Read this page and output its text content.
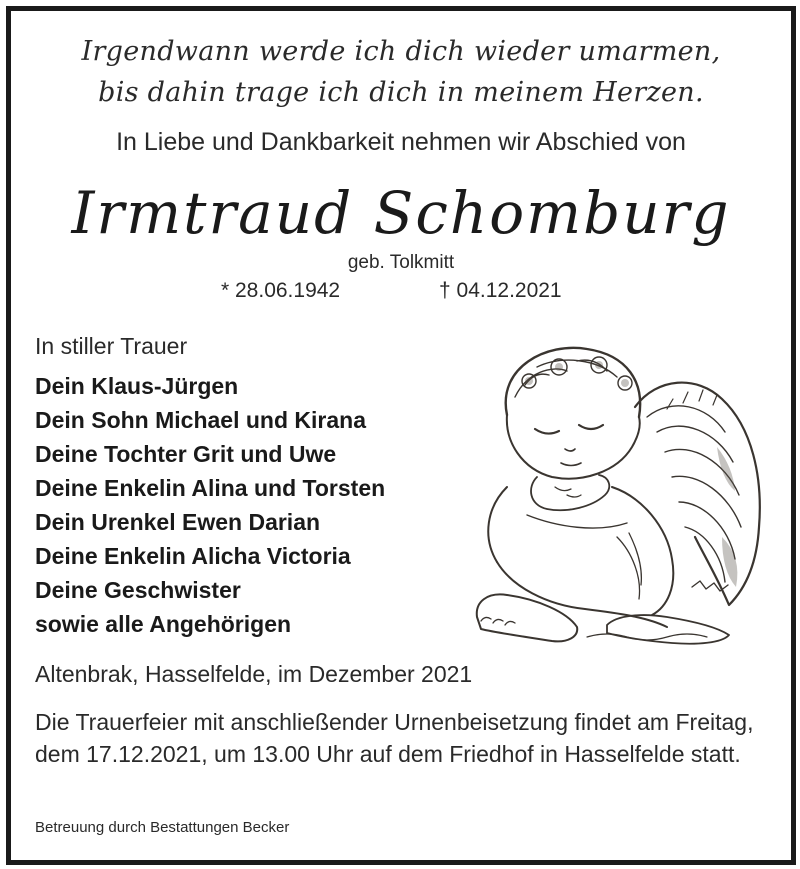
Irgendwann werde ich dich wieder umarmen,
bis dahin trage ich dich in meinem Herzen.
In Liebe und Dankbarkeit nehmen wir Abschied von
Irmtraud Schomburg
geb. Tolkmitt
* 28.06.1942	† 04.12.2021
In stiller Trauer
Dein Klaus-Jürgen
Dein Sohn Michael und Kirana
Deine Tochter Grit und Uwe
Deine Enkelin Alina und Torsten
Dein Urenkel Ewen Darian
Deine Enkelin Alicha Victoria
Deine Geschwister
sowie alle Angehörigen
Altenbrak, Hasselfelde, im Dezember 2021
Die Trauerfeier mit anschließender Urnenbeisetzung findet am Freitag, dem 17.12.2021, um 13.00 Uhr auf dem Friedhof in Hasselfelde statt.
Betreuung durch Bestattungen Becker
